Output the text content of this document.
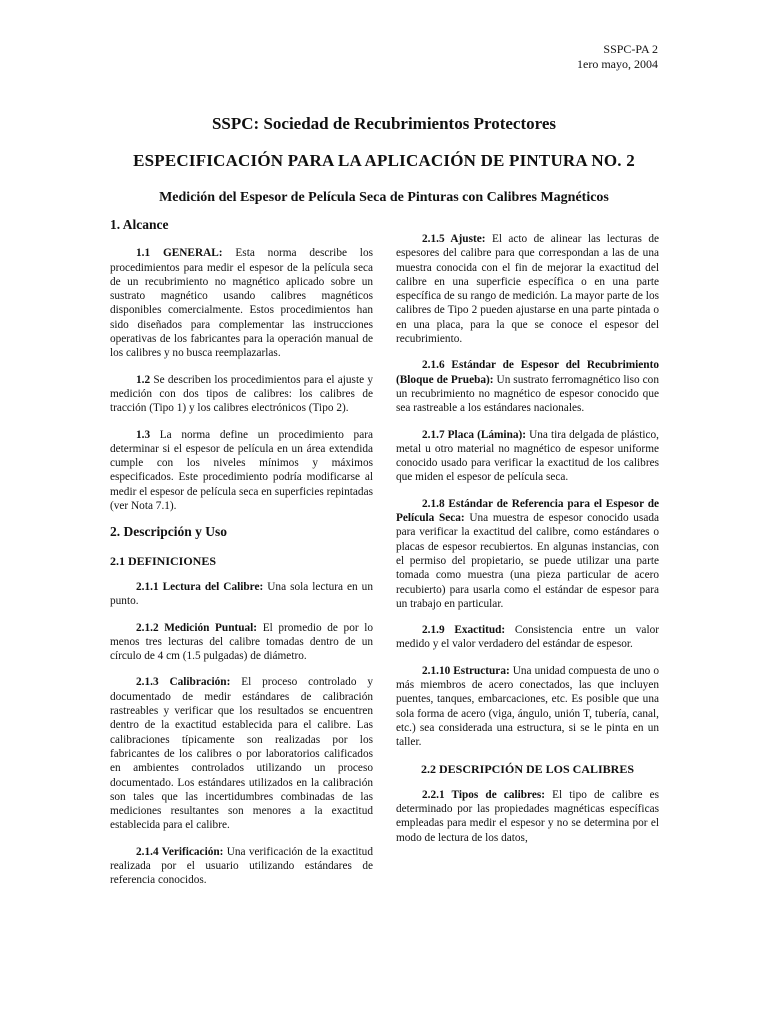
SSPC-PA 2
1ero mayo, 2004
SSPC: Sociedad de Recubrimientos Protectores
ESPECIFICACIÓN PARA LA APLICACIÓN DE PINTURA NO. 2
Medición del Espesor de Película Seca de Pinturas con Calibres Magnéticos
1. Alcance

1.1 GENERAL: Esta norma describe los procedimientos para medir el espesor de la película seca de un recubrimiento no magnético aplicado sobre un sustrato magnético usando calibres magnéticos disponibles comercialmente. Estos procedimientos han sido diseñados para complementar las instrucciones operativas de los fabricantes para la operación manual de los calibres y no busca reemplazarlas.

1.2 Se describen los procedimientos para el ajuste y medición con dos tipos de calibres: los calibres de tracción (Tipo 1) y los calibres electrónicos (Tipo 2).

1.3 La norma define un procedimiento para determinar si el espesor de película en un área extendida cumple con los niveles mínimos y máximos especificados. Este procedimiento podría modificarse al medir el espesor de película seca en superficies repintadas (ver Nota 7.1).

2. Descripción y Uso
2.1 DEFINICIONES

2.1.1 Lectura del Calibre: Una sola lectura en un punto.

2.1.2 Medición Puntual: El promedio de por lo menos tres lecturas del calibre tomadas dentro de un círculo de 4 cm (1.5 pulgadas) de diámetro.

2.1.3 Calibración: El proceso controlado y documentado de medir estándares de calibración rastreables y verificar que los resultados se encuentren dentro de la exactitud establecida para el calibre. Las calibraciones típicamente son realizadas por los fabricantes de los calibres o por laboratorios calificados en ambientes controlados utilizando un proceso documentado. Los estándares utilizados en la calibración son tales que las incertidumbres combinadas de las mediciones resultantes son menores a la exactitud establecida para el calibre.

2.1.4 Verificación: Una verificación de la exactitud realizada por el usuario utilizando estándares de referencia conocidos.

2.1.5 Ajuste: El acto de alinear las lecturas de espesores del calibre para que correspondan a las de una muestra conocida con el fin de mejorar la exactitud del calibre en una superficie específica o en una parte específica de su rango de medición. La mayor parte de los calibres de Tipo 2 pueden ajustarse en una parte pintada o en una placa, para la que se conoce el espesor del recubrimiento.

2.1.6 Estándar de Espesor del Recubrimiento (Bloque de Prueba): Un sustrato ferromagnético liso con un recubrimiento no magnético de espesor conocido que sea rastreable a los estándares nacionales.

2.1.7 Placa (Lámina): Una tira delgada de plástico, metal u otro material no magnético de espesor uniforme conocido usado para verificar la exactitud de los calibres que miden el espesor de película seca.

2.1.8 Estándar de Referencia para el Espesor de Película Seca: Una muestra de espesor conocido usada para verificar la exactitud del calibre, como estándares o placas de espesor recubiertos. En algunas instancias, con el permiso del propietario, se puede utilizar una parte tomada como muestra (una pieza particular de acero recubierto) para usarla como el estándar de espesor para un trabajo en particular.

2.1.9 Exactitud: Consistencia entre un valor medido y el valor verdadero del estándar de espesor.

2.1.10 Estructura: Una unidad compuesta de uno o más miembros de acero conectados, las que incluyen puentes, tanques, embarcaciones, etc. Es posible que una sola forma de acero (viga, ángulo, unión T, tubería, canal, etc.) sea considerada una estructura, si se le pinta en un taller.

2.2 DESCRIPCIÓN DE LOS CALIBRES

2.2.1 Tipos de calibres: El tipo de calibre es determinado por las propiedades magnéticas específicas empleadas para medir el espesor y no se determina por el modo de lectura de los datos,
